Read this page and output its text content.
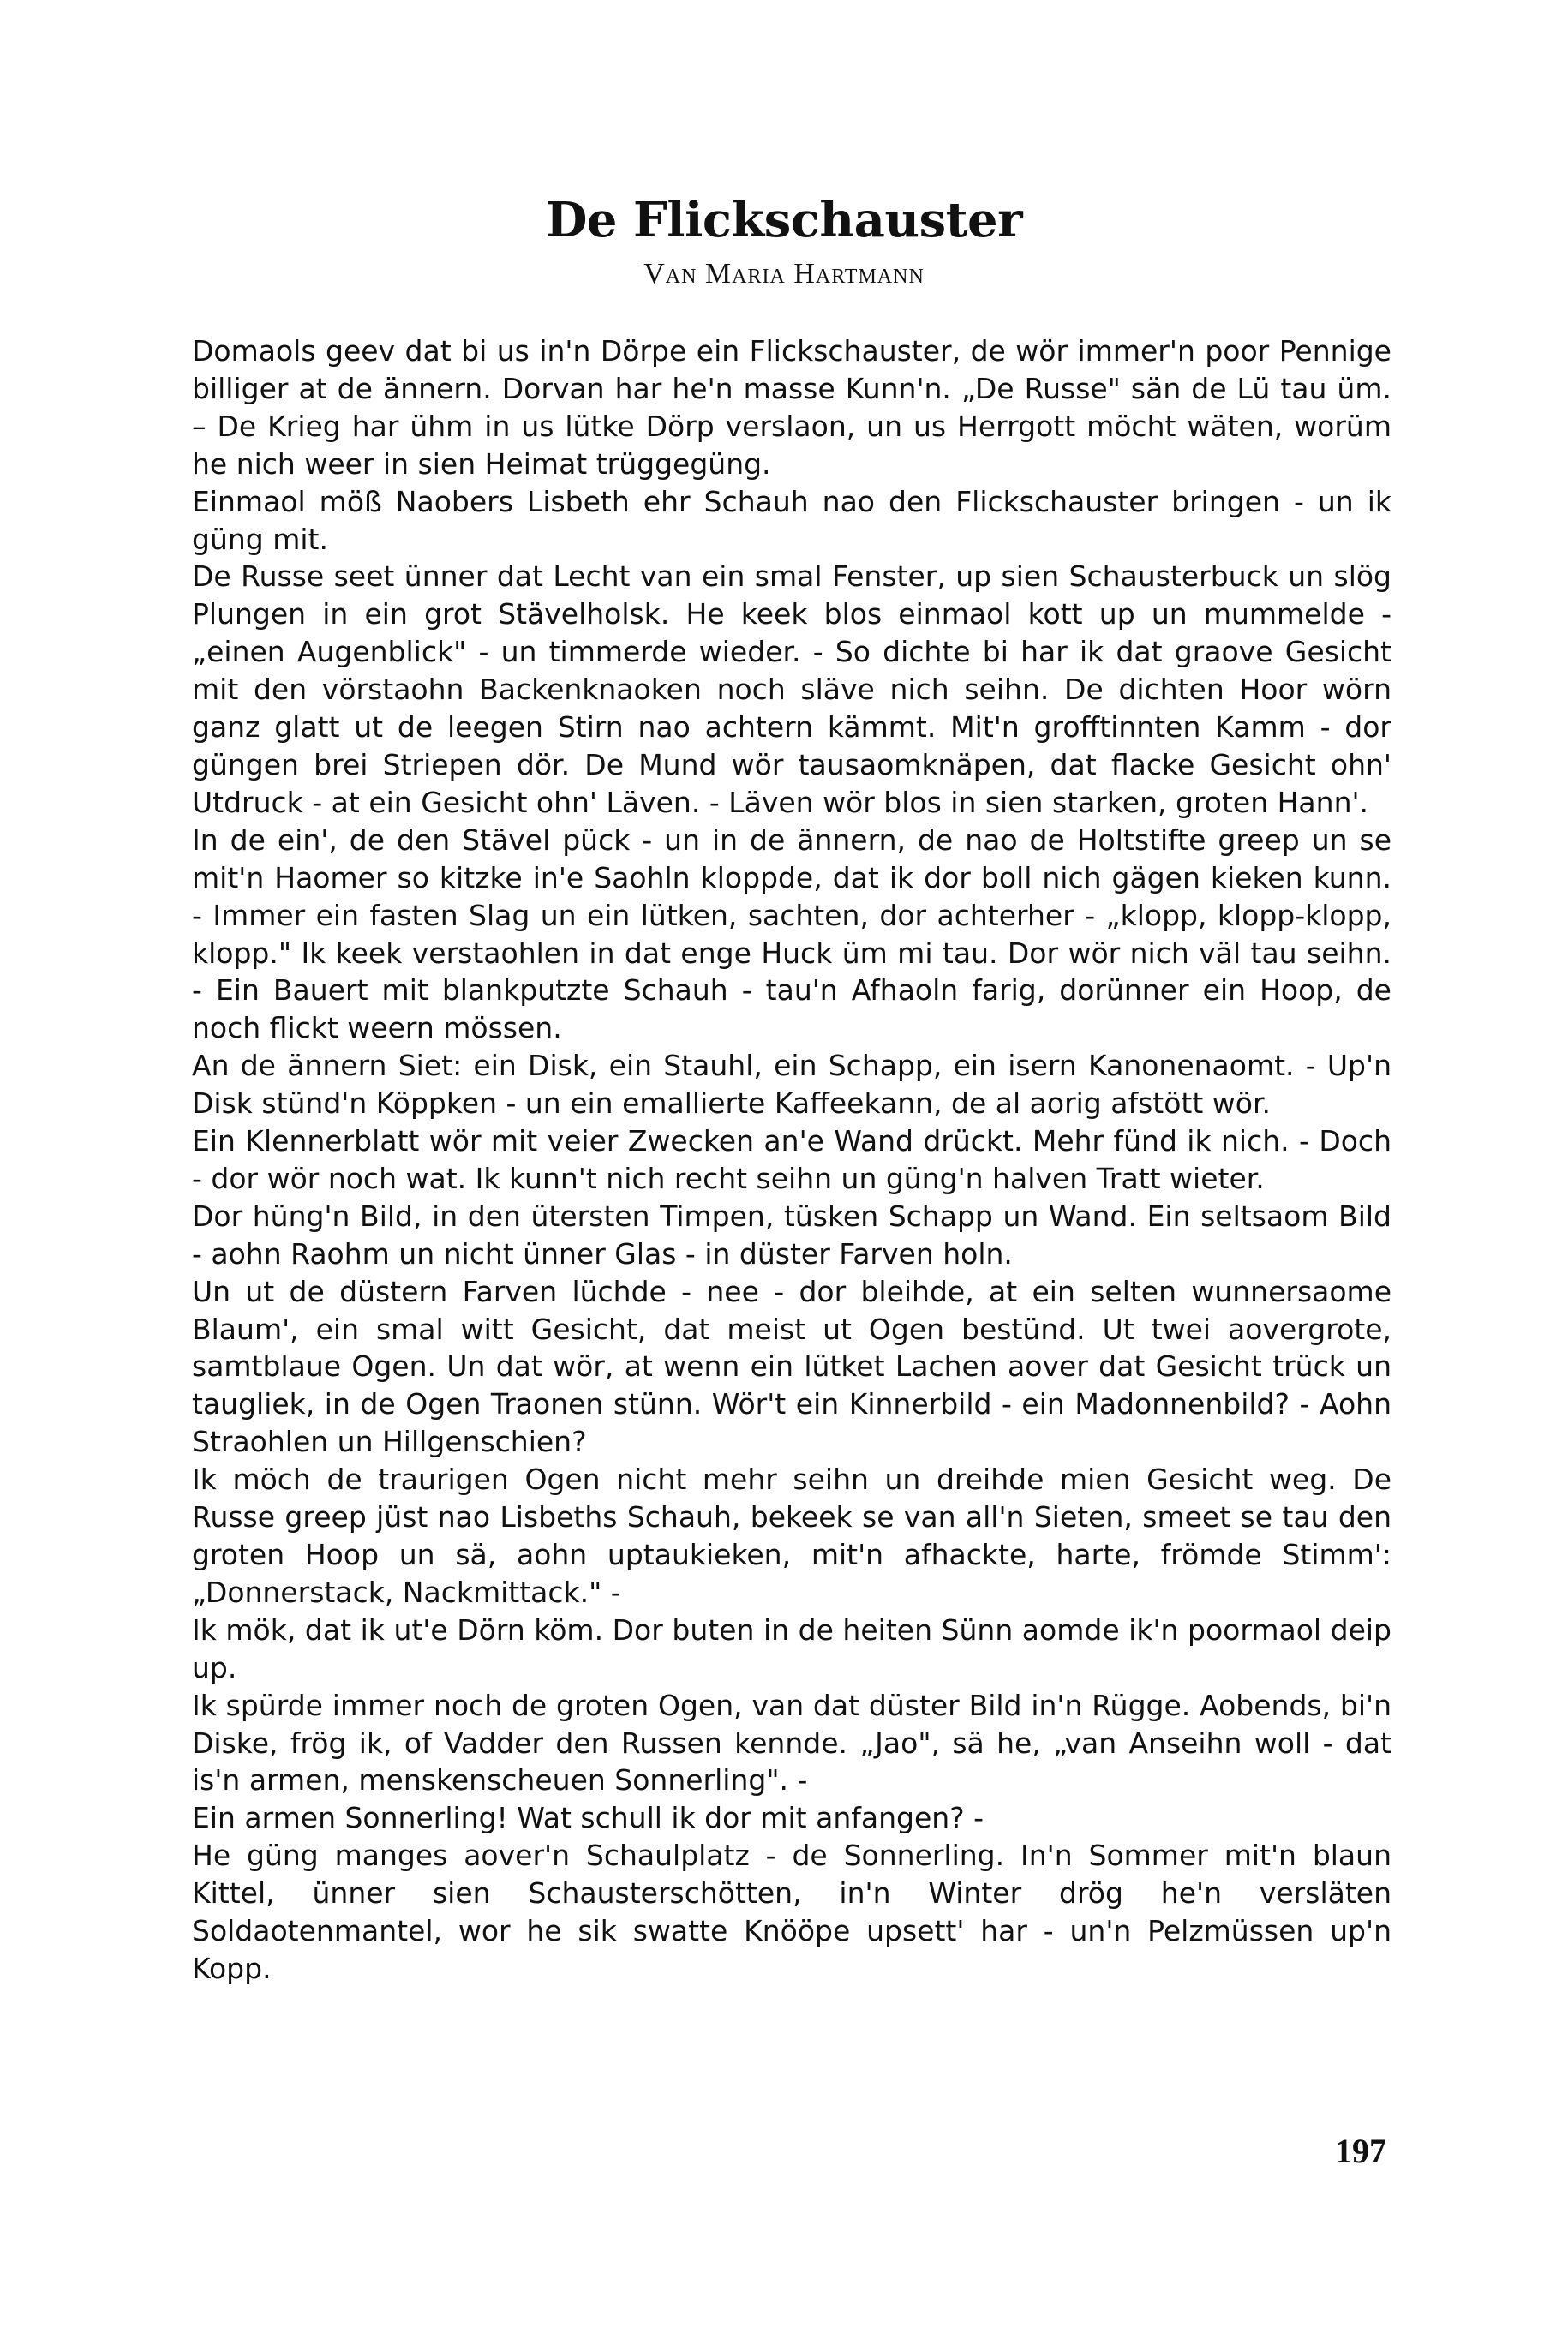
De Flickschauster
Van Maria Hartmann

Domaols geev dat bi us in'n Dörpe ein Flickschauster, de wör immer'n poor Pennige billiger at de ännern. Dorvan har he'n masse Kunn'n. „De Russe" sän de Lü tau üm. – De Krieg har ühm in us lütke Dörp verslaon, un us Herrgott möcht wäten, worüm he nich weer in sien Heimat trüggegüng.

Einmaol möß Naobers Lisbeth ehr Schauh nao den Flickschauster bringen - un ik güng mit.

De Russe seet ünner dat Lecht van ein smal Fenster, up sien Schausterbuck un slög Plungen in ein grot Stävelholsk. He keek blos einmaol kott up un mummelde - „einen Augenblick" - un timmerde wieder. - So dichte bi har ik dat graove Gesicht mit den vörstaohn Backenknaoken noch släve nich seihn. De dichten Hoor wörn ganz glatt ut de leegen Stirn nao achtern kämmt. Mit'n grofftinnten Kamm - dor güngen brei Striepen dör. De Mund wör tausaomknäpen, dat flacke Gesicht ohn' Utdruck - at ein Gesicht ohn' Läven. - Läven wör blos in sien starken, groten Hann'.

In de ein', de den Stävel pück - un in de ännern, de nao de Holtstifte greep un se mit'n Haomer so kitzke in'e Saohln kloppde, dat ik dor boll nich gägen kieken kunn. - Immer ein fasten Slag un ein lütken, sachten, dor achterher - „klopp, klopp-klopp, klopp." Ik keek verstaohlen in dat enge Huck üm mi tau. Dor wör nich väl tau seihn. - Ein Bauert mit blankputzte Schauh - tau'n Afhaoln farig, dorünner ein Hoop, de noch flickt weern mössen.

An de ännern Siet: ein Disk, ein Stauhl, ein Schapp, ein isern Kanonenaomt. - Up'n Disk stünd'n Köppken - un ein emallierte Kaffeekann, de al aorig afstött wör.

Ein Klennerblatt wör mit veier Zwecken an'e Wand drückt. Mehr fünd ik nich. - Doch - dor wör noch wat. Ik kunn't nich recht seihn un güng'n halven Tratt wieter.

Dor hüng'n Bild, in den ütersten Timpen, tüsken Schapp un Wand. Ein seltsaom Bild - aohn Raohm un nicht ünner Glas - in düster Farven holn.

Un ut de düstern Farven lüchde - nee - dor bleihde, at ein selten wunnersaome Blaum', ein smal witt Gesicht, dat meist ut Ogen bestünd. Ut twei aovergrote, samtblaue Ogen. Un dat wör, at wenn ein lütket Lachen aover dat Gesicht trück un taugliek, in de Ogen Traonen stünn. Wör't ein Kinnerbild - ein Madonnenbild? - Aohn Straohlen un Hillgenschien?

Ik möch de traurigen Ogen nicht mehr seihn un dreihde mien Gesicht weg. De Russe greep jüst nao Lisbeths Schauh, bekeek se van all'n Sieten, smeet se tau den groten Hoop un sä, aohn uptaukieken, mit'n afhackte, harte, frömde Stimm': „Donnerstack, Nackmittack." -

Ik mök, dat ik ut'e Dörn köm. Dor buten in de heiten Sünn aomde ik'n poormaol deip up.

Ik spürde immer noch de groten Ogen, van dat düster Bild in'n Rügge. Aobends, bi'n Diske, frög ik, of Vadder den Russen kennde. „Jao", sä he, „van Anseihn woll - dat is'n armen, menskenscheuen Sonnerling". -

Ein armen Sonnerling! Wat schull ik dor mit anfangen? -

He güng manges aover'n Schaulplatz - de Sonnerling. In'n Sommer mit'n blaun Kittel, ünner sien Schausterschötten, in'n Winter drög he'n versläten Soldaotenmantel, wor he sik swatte Knööpe upsett' har - un'n Pelzmüssen up'n Kopp.

197
